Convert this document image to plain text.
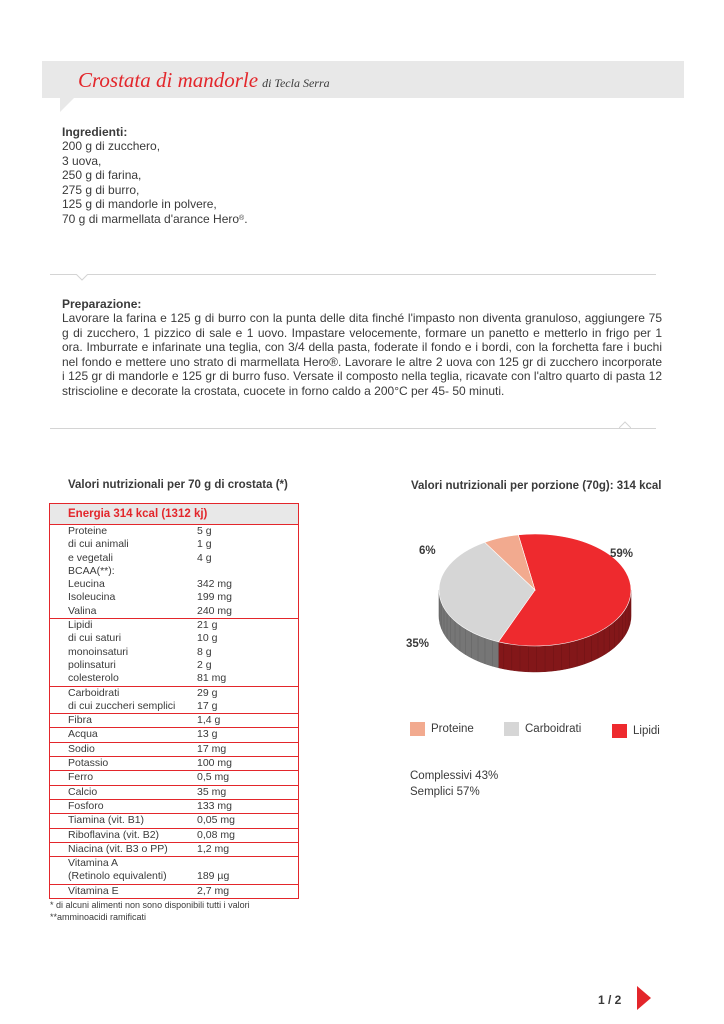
Crostata di mandorle di Tecla Serra
Ingredienti:
200 g di zucchero,
3 uova,
250 g di farina,
275 g di burro,
125 g di mandorle in polvere,
70 g di marmellata d'arance Hero®.
Preparazione:
Lavorare la farina e 125 g di burro con la punta delle dita finché l'impasto non diventa granuloso, aggiungere 75 g di zucchero, 1 pizzico di sale e 1 uovo. Impastare velocemente, formare un panetto e metterlo in frigo per 1 ora. Imburrate e infarinate una teglia, con 3/4 della pasta, foderate il fondo e i bordi, con la forchetta fare i buchi nel fondo e mettere uno strato di marmellata Hero®. Lavorare le altre 2 uova con 125 gr di zucchero incorporate i 125 gr di mandorle e 125 gr di burro fuso. Versate il composto nella teglia, ricavate con l'altro quarto di pasta 12 striscioline e decorate la crostata, cuocete in forno caldo a 200°C per 45- 50 minuti.
Valori nutrizionali per 70 g di crostata (*)
Energia 314 kcal (1312 kj)
Proteine	5 g
di cui animali	1 g
e vegetali	4 g
BCAA(**):
Leucina	342 mg
Isoleucina	199 mg
Valina	240 mg
Lipidi	21 g
di cui saturi	10 g
monoinsaturi	8 g
polinsaturi	2 g
colesterolo	81 mg
Carboidrati	29 g
di cui zuccheri semplici 17 g
Fibra	1,4 g
Acqua	13 g
Sodio	17 mg
Potassio	100 mg
Ferro	0,5 mg
Calcio	35 mg
Fosforo	133 mg
Tiamina (vit. B1)	0,05 mg
Riboflavina (vit. B2)	0,08 mg
Niacina (vit. B3 o PP)	1,2 mg
Vitamina A
(Retinolo equivalenti)	189 µg
Vitamina E	2,7 mg
* di alcuni alimenti non sono disponibili tutti i valori
**amminoacidi ramificati
Valori nutrizionali per porzione (70g): 314 kcal
6%	59%
35%
Proteine	Carboidrati	Lipidi
Complessivi 43%
Semplici 57%
1 / 2
